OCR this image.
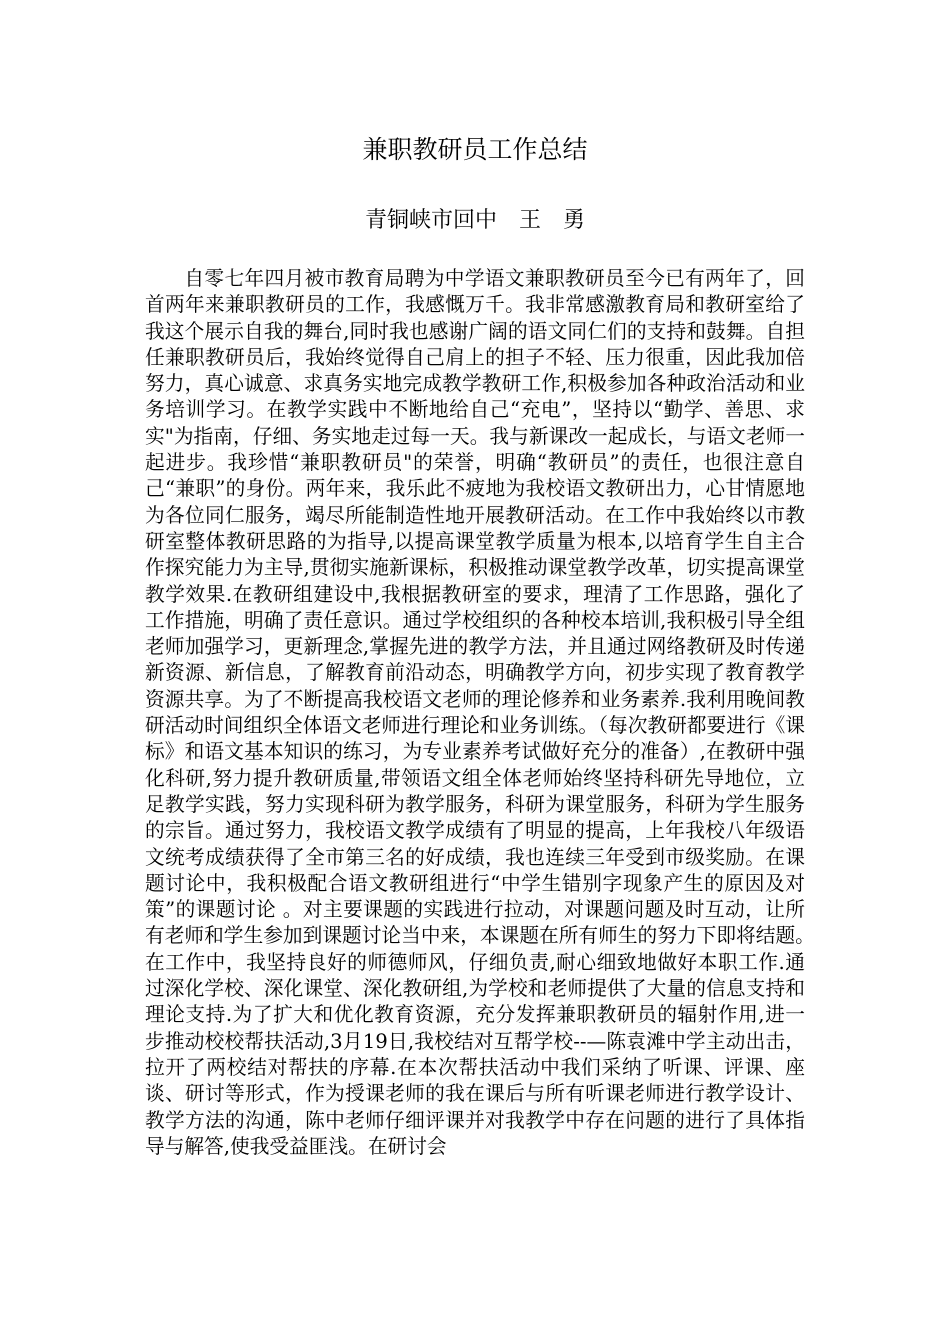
兼职教研员工作总结

青铜峡市回中　王　勇

自零七年四月被市教育局聘为中学语文兼职教研员至今已有两年了，回首两年来兼职教研员的工作，我感慨万千。我非常感激教育局和教研室给了我这个展示自我的舞台,同时我也感谢广阔的语文同仁们的支持和鼓舞。自担任兼职教研员后，我始终觉得自己肩上的担子不轻、压力很重，因此我加倍努力，真心诚意、求真务实地完成教学教研工作,积极参加各种政治活动和业务培训学习。在教学实践中不断地给自己“充电”，坚持以“勤学、善思、求实"为指南，仔细、务实地走过每一天。我与新课改一起成长，与语文老师一起进步。我珍惜“兼职教研员"的荣誉，明确“教研员”的责任，也很注意自己“兼职”的身份。两年来，我乐此不疲地为我校语文教研出力，心甘情愿地为各位同仁服务，竭尽所能制造性地开展教研活动。在工作中我始终以市教研室整体教研思路的为指导,以提高课堂教学质量为根本,以培育学生自主合作探究能力为主导,贯彻实施新课标，积极推动课堂教学改革，切实提高课堂教学效果.在教研组建设中,我根据教研室的要求，理清了工作思路，强化了工作措施，明确了责任意识。通过学校组织的各种校本培训,我积极引导全组老师加强学习，更新理念,掌握先进的教学方法，并且通过网络教研及时传递新资源、新信息，了解教育前沿动态，明确教学方向，初步实现了教育教学资源共享。为了不断提高我校语文老师的理论修养和业务素养.我利用晚间教研活动时间组织全体语文老师进行理论和业务训练。（每次教研都要进行《课标》和语文基本知识的练习，为专业素养考试做好充分的准备）,在教研中强化科研,努力提升教研质量,带领语文组全体老师始终坚持科研先导地位，立足教学实践，努力实现科研为教学服务，科研为课堂服务，科研为学生服务的宗旨。通过努力，我校语文教学成绩有了明显的提高，上年我校八年级语文统考成绩获得了全市第三名的好成绩，我也连续三年受到市级奖励。在课题讨论中，我积极配合语文教研组进行“中学生错别字现象产生的原因及对策”的课题讨论 。对主要课题的实践进行拉动，对课题问题及时互动，让所有老师和学生参加到课题讨论当中来，本课题在所有师生的努力下即将结题。　　在工作中，我坚持良好的师德师风，仔细负责,耐心细致地做好本职工作.通过深化学校、深化课堂、深化教研组,为学校和老师提供了大量的信息支持和理论支持.为了扩大和优化教育资源，充分发挥兼职教研员的辐射作用,进一步推动校校帮扶活动,3月19日,我校结对互帮学校--—陈袁滩中学主动出击，拉开了两校结对帮扶的序幕.在本次帮扶活动中我们采纳了听课、评课、座谈、研讨等形式，作为授课老师的我在课后与所有听课老师进行教学设计、教学方法的沟通，陈中老师仔细评课并对我教学中存在问题的进行了具体指导与解答,使我受益匪浅。在研讨会
